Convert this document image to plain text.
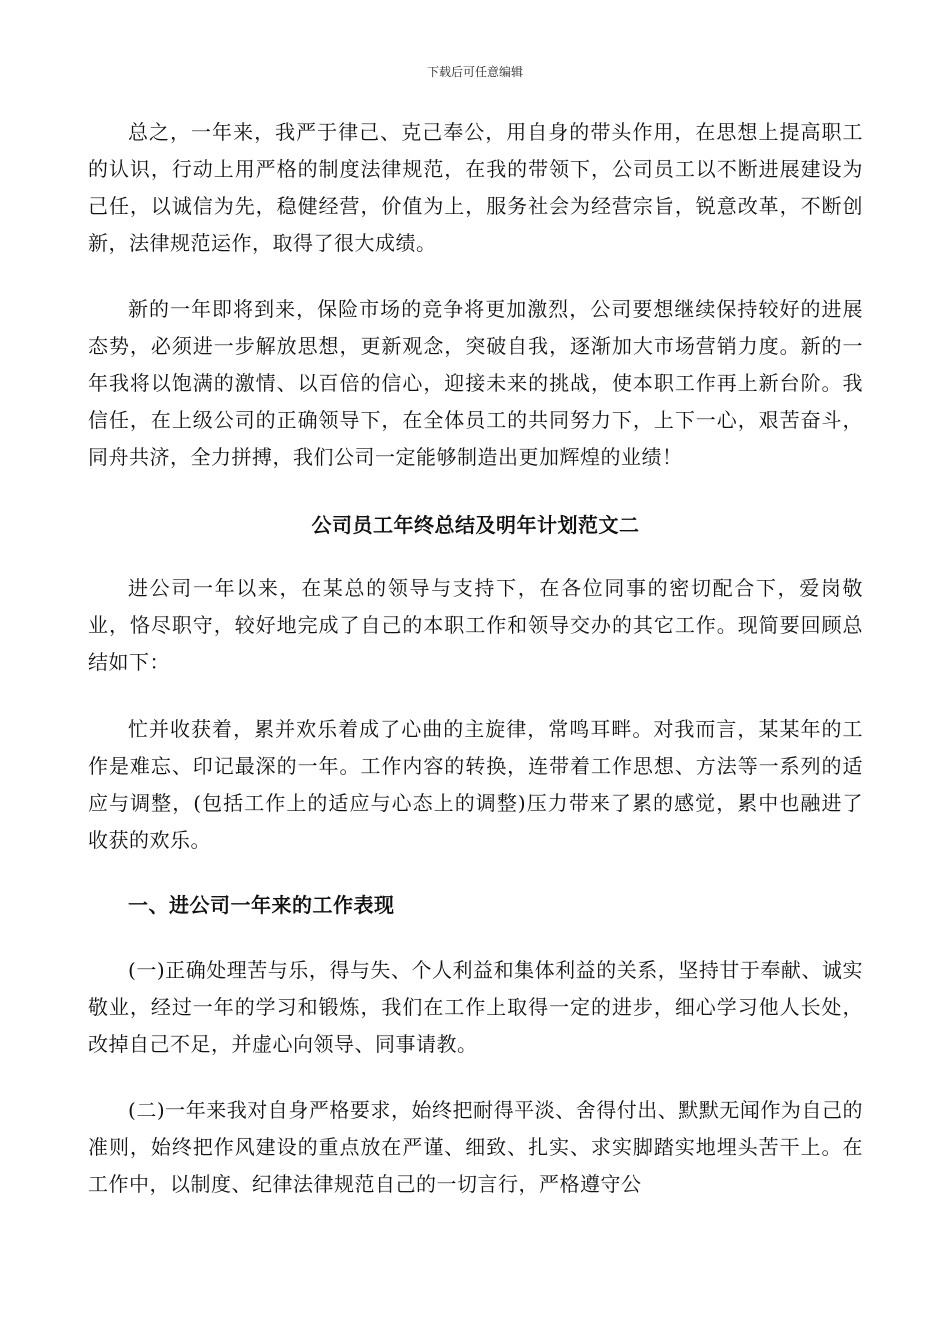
下载后可任意编辑

总之，一年来，我严于律己、克己奉公，用自身的带头作用，在思想上提高职工的认识，行动上用严格的制度法律规范，在我的带领下，公司员工以不断进展建设为己任，以诚信为先，稳健经营，价值为上，服务社会为经营宗旨，锐意改革，不断创新，法律规范运作，取得了很大成绩。

新的一年即将到来，保险市场的竞争将更加激烈，公司要想继续保持较好的进展态势，必须进一步解放思想，更新观念，突破自我，逐渐加大市场营销力度。新的一年我将以饱满的激情、以百倍的信心，迎接未来的挑战，使本职工作再上新台阶。我信任，在上级公司的正确领导下，在全体员工的共同努力下，上下一心，艰苦奋斗，同舟共济，全力拼搏，我们公司一定能够制造出更加辉煌的业绩！

公司员工年终总结及明年计划范文二

进公司一年以来，在某总的领导与支持下，在各位同事的密切配合下，爱岗敬业，恪尽职守，较好地完成了自己的本职工作和领导交办的其它工作。现简要回顾总结如下：

忙并收获着，累并欢乐着成了心曲的主旋律，常鸣耳畔。对我而言，某某年的工作是难忘、印记最深的一年。工作内容的转换，连带着工作思想、方法等一系列的适应与调整，(包括工作上的适应与心态上的调整)压力带来了累的感觉，累中也融进了收获的欢乐。

一、进公司一年来的工作表现

(一)正确处理苦与乐，得与失、个人利益和集体利益的关系，坚持甘于奉献、诚实敬业，经过一年的学习和锻炼，我们在工作上取得一定的进步，细心学习他人长处，改掉自己不足，并虚心向领导、同事请教。

(二)一年来我对自身严格要求，始终把耐得平淡、舍得付出、默默无闻作为自己的准则，始终把作风建设的重点放在严谨、细致、扎实、求实脚踏实地埋头苦干上。在工作中，以制度、纪律法律规范自己的一切言行，严格遵守公
